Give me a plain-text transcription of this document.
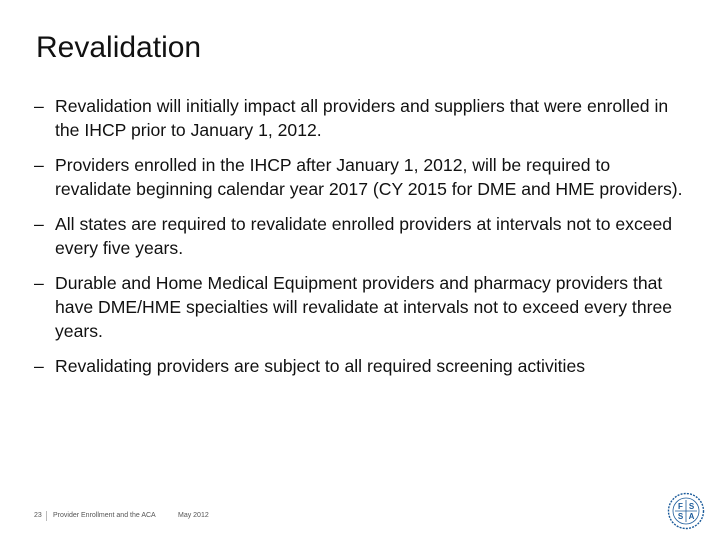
Revalidation
– Revalidation will initially impact all providers and suppliers that were enrolled in the IHCP prior to January 1, 2012.
– Providers enrolled in the IHCP after January 1, 2012, will be required to revalidate beginning calendar year 2017 (CY 2015 for DME and HME providers).
– All states are required to revalidate enrolled providers at intervals not to exceed every five years.
– Durable and Home Medical Equipment providers and pharmacy providers that have DME/HME specialties will revalidate at intervals not to exceed every three years.
– Revalidating providers are subject to all required screening activities
23 Provider Enrollment and the ACA	May 2012
F S
S A
